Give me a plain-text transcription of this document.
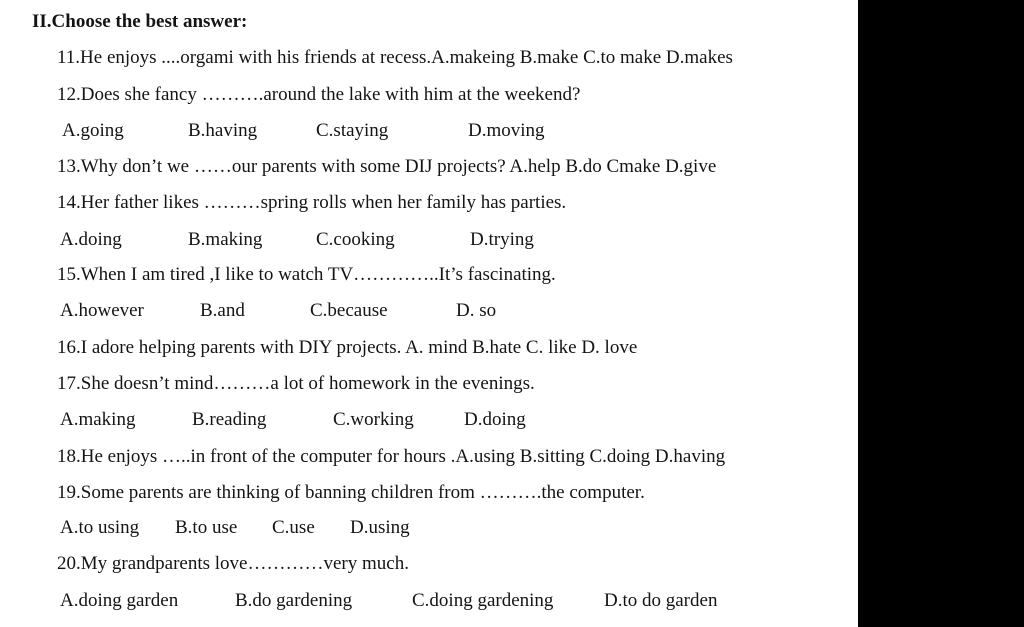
II.Choose the best answer:
11.He enjoys ....orgami with his friends at recess.A.makeing B.make C.to make D.makes
12.Does she fancy ……….around the lake with him at the weekend?
A.going	B.having	C.staying	D.moving
13.Why don’t we ……our parents with some DIJ projects? A.help B.do Cmake D.give
14.Her father likes ………spring rolls when her family has parties.
A.doing	B.making	C.cooking	D.trying
15.When I am tired ,I like to watch TV…………..It’s fascinating.
A.however	B.and	C.because	D. so
16.I adore helping parents with DIY projects. A. mind B.hate C. like D. love
17.She doesn’t mind………a lot of homework in the evenings.
A.making	B.reading	C.working	D.doing
18.He enjoys …..in front of the computer for hours .A.using B.sitting C.doing D.having
19.Some parents are thinking of banning children from ……….the computer.
A.to using B.to use C.use D.using
20.My grandparents love…………very much.
A.doing garden	B.do gardening	C.doing gardening	D.to do garden
